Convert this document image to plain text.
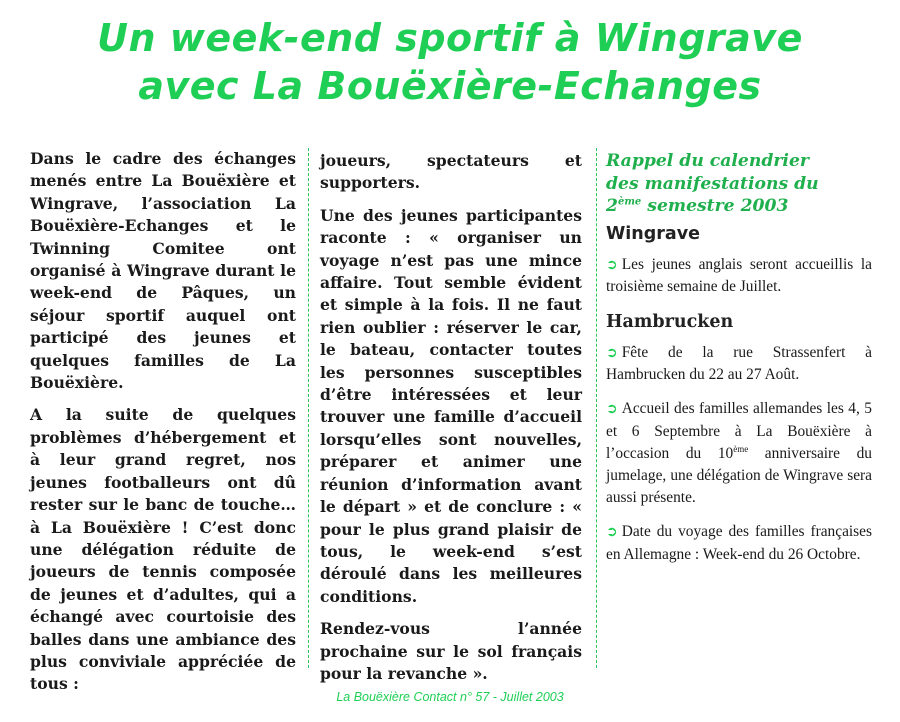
Un week-end sportif à Wingrave
avec La Bouëxière-Echanges

Dans le cadre des échanges menés entre La Bouëxière et Wingrave, l’association La Bouëxière-Echanges et le Twinning Comitee ont organisé à Wingrave durant le week-end de Pâques, un séjour sportif auquel ont participé des jeunes et quelques familles de La Bouëxière.

A la suite de quelques problèmes d’hébergement et à leur grand regret, nos jeunes footballeurs ont dû rester sur le banc de touche… à La Bouëxière ! C’est donc une délégation réduite de joueurs de tennis composée de jeunes et d’adultes, qui a échangé avec courtoisie des balles dans une ambiance des plus conviviale appréciée de tous :

joueurs, spectateurs et supporters.

Une des jeunes participantes raconte : « organiser un voyage n’est pas une mince affaire. Tout semble évident et simple à la fois. Il ne faut rien oublier : réserver le car, le bateau, contacter toutes les personnes susceptibles d’être intéressées et leur trouver une famille d’accueil lorsqu’elles sont nouvelles, préparer et animer une réunion d’information avant le départ » et de conclure : « pour le plus grand plaisir de tous, le week-end s’est déroulé dans les meilleures conditions.

Rendez-vous l’année prochaine sur le sol français pour la revanche ».

Rappel du calendrier
des manifestations du
2ème semestre 2003
Wingrave
➲ Les jeunes anglais seront accueillis la troisième semaine de Juillet.
Hambrucken
➲ Fête de la rue Strassenfert à Hambrucken du 22 au 27 Août.
➲ Accueil des familles allemandes les 4, 5 et 6 Septembre à La Bouëxière à l’occasion du 10ème anniversaire du jumelage, une délégation de Wingrave sera aussi présente.
➲ Date du voyage des familles françaises en Allemagne : Week-end du 26 Octobre.
La Bouëxière Contact n° 57 - Juillet 2003
